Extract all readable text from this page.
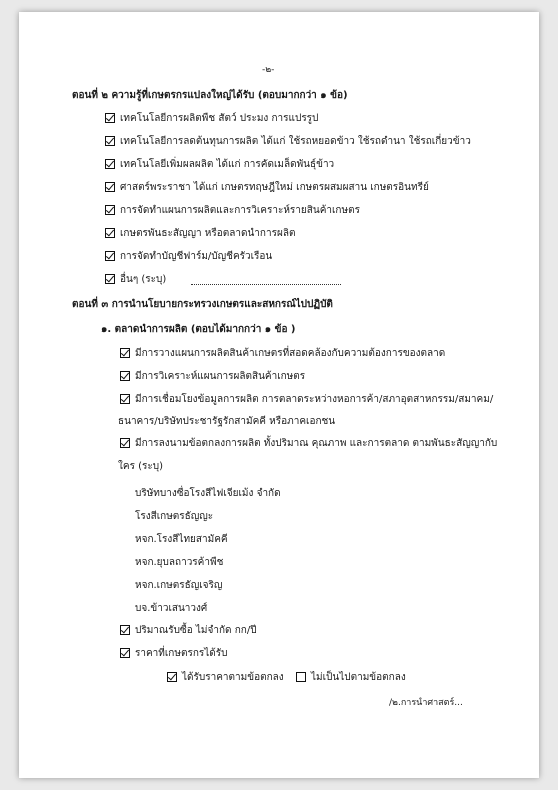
-๒-
ตอนที่ ๒ ความรู้ที่เกษตรกรแปลงใหญ่ได้รับ (ตอบมากกว่า ๑ ข้อ)
เทคโนโลยีการผลิตพืช สัตว์ ประมง การแปรรูป
เทคโนโลยีการลดต้นทุนการผลิต ได้แก่ ใช้รถหยอดข้าว ใช้รถดำนา ใช้รถเกี่ยวข้าว
เทคโนโลยีเพิ่มผลผลิต ได้แก่ การคัดเมล็ดพันธุ์ข้าว
ศาสตร์พระราชา ได้แก่ เกษตรทฤษฎีใหม่ เกษตรผสมผสาน เกษตรอินทรีย์
การจัดทำแผนการผลิตและการวิเคราะห์รายสินค้าเกษตร
เกษตรพันธะสัญญา หรือตลาดนำการผลิต
การจัดทำบัญชีฟาร์ม/บัญชีครัวเรือน
อื่นๆ (ระบุ)
ตอนที่ ๓ การนำนโยบายกระทรวงเกษตรและสหกรณ์ไปปฏิบัติ
๑. ตลาดนำการผลิต (ตอบได้มากกว่า ๑ ข้อ )
มีการวางแผนการผลิตสินค้าเกษตรที่สอดคล้องกับความต้องการของตลาด
มีการวิเคราะห์แผนการผลิตสินค้าเกษตร
มีการเชื่อมโยงข้อมูลการผลิต การตลาดระหว่างหอการค้า/สภาอุตสาหกรรม/สมาคม/
ธนาคาร/บริษัทประชารัฐรักสามัคคี หรือภาคเอกชน
มีการลงนามข้อตกลงการผลิต ทั้งปริมาณ คุณภาพ และการตลาด ตามพันธะสัญญากับ
ใคร (ระบุ)
บริษัทบางซื่อโรงสีไฟเจียเม้ง จำกัด
โรงสีเกษตรธัญญะ
หจก.โรงสีไทยสามัคคี
หจก.ยุบลถาวรค้าพืช
หจก.เกษตรธัญเจริญ
บจ.ข้าวเสนาวงศ์
ปริมาณรับซื้อ ไม่จำกัด กก/ปี
ราคาที่เกษตรกรได้รับ
ได้รับราคาตามข้อตกลง	ไม่เป็นไปตามข้อตกลง
/๒.การนำศาสตร์...
